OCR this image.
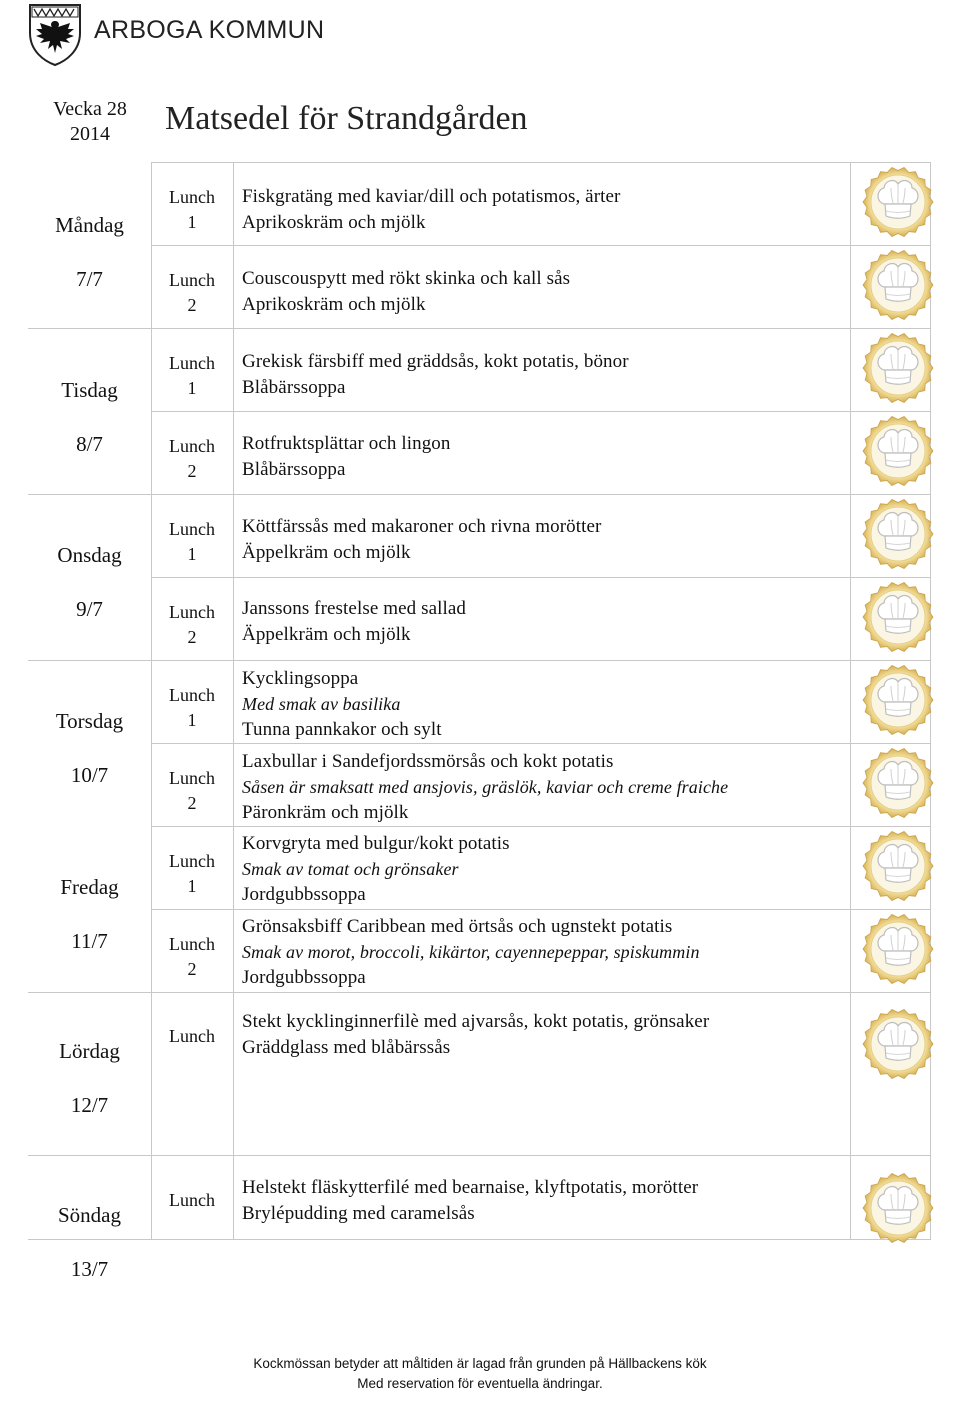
ARBOGA KOMMUN
Vecka 28
2014	Matsedel för Strandgården
Måndag
7/7
Tisdag
8/7
Onsdag
9/7
Torsdag
10/7
Fredag
11/7
Lördag
12/7
Söndag
13/7
Lunch
1
Lunch
2
Lunch
1
Lunch
2
Lunch
1
Lunch
2
Lunch
1
Lunch
2
Lunch
1
Lunch
2
Lunch
Lunch
Fiskgratäng med kaviar/dill och potatismos, ärter
Aprikoskräm och mjölk
Couscouspytt med rökt skinka och kall sås
Aprikoskräm och mjölk
Grekisk färsbiff med gräddsås, kokt potatis, bönor
Blåbärssoppa
Rotfruktsplättar och lingon
Blåbärssoppa
Köttfärssås med makaroner och rivna morötter
Äppelkräm och mjölk
Janssons frestelse med sallad
Äppelkräm och mjölk
Kycklingsoppa
Med smak av basilika
Tunna pannkakor och sylt
Laxbullar i Sandefjordssmörsås och kokt potatis
Såsen är smaksatt med ansjovis, gräslök, kaviar och creme fraiche
Päronkräm och mjölk
Korvgryta med bulgur/kokt potatis
Smak av tomat och grönsaker
Jordgubbssoppa
Grönsaksbiff Caribbean med örtsås och ugnstekt potatis
Smak av morot, broccoli, kikärtor, cayennepeppar, spiskummin
Jordgubbssoppa
Stekt kycklinginnerfilè med ajvarsås, kokt potatis, grönsaker
Gräddglass med blåbärssås
Helstekt fläskytterfilé med bearnaise, klyftpotatis, morötter
Brylépudding med caramelsås
Kockmössan betyder att måltiden är lagad från grunden på Hällbackens kök
Med reservation för eventuella ändringar.
